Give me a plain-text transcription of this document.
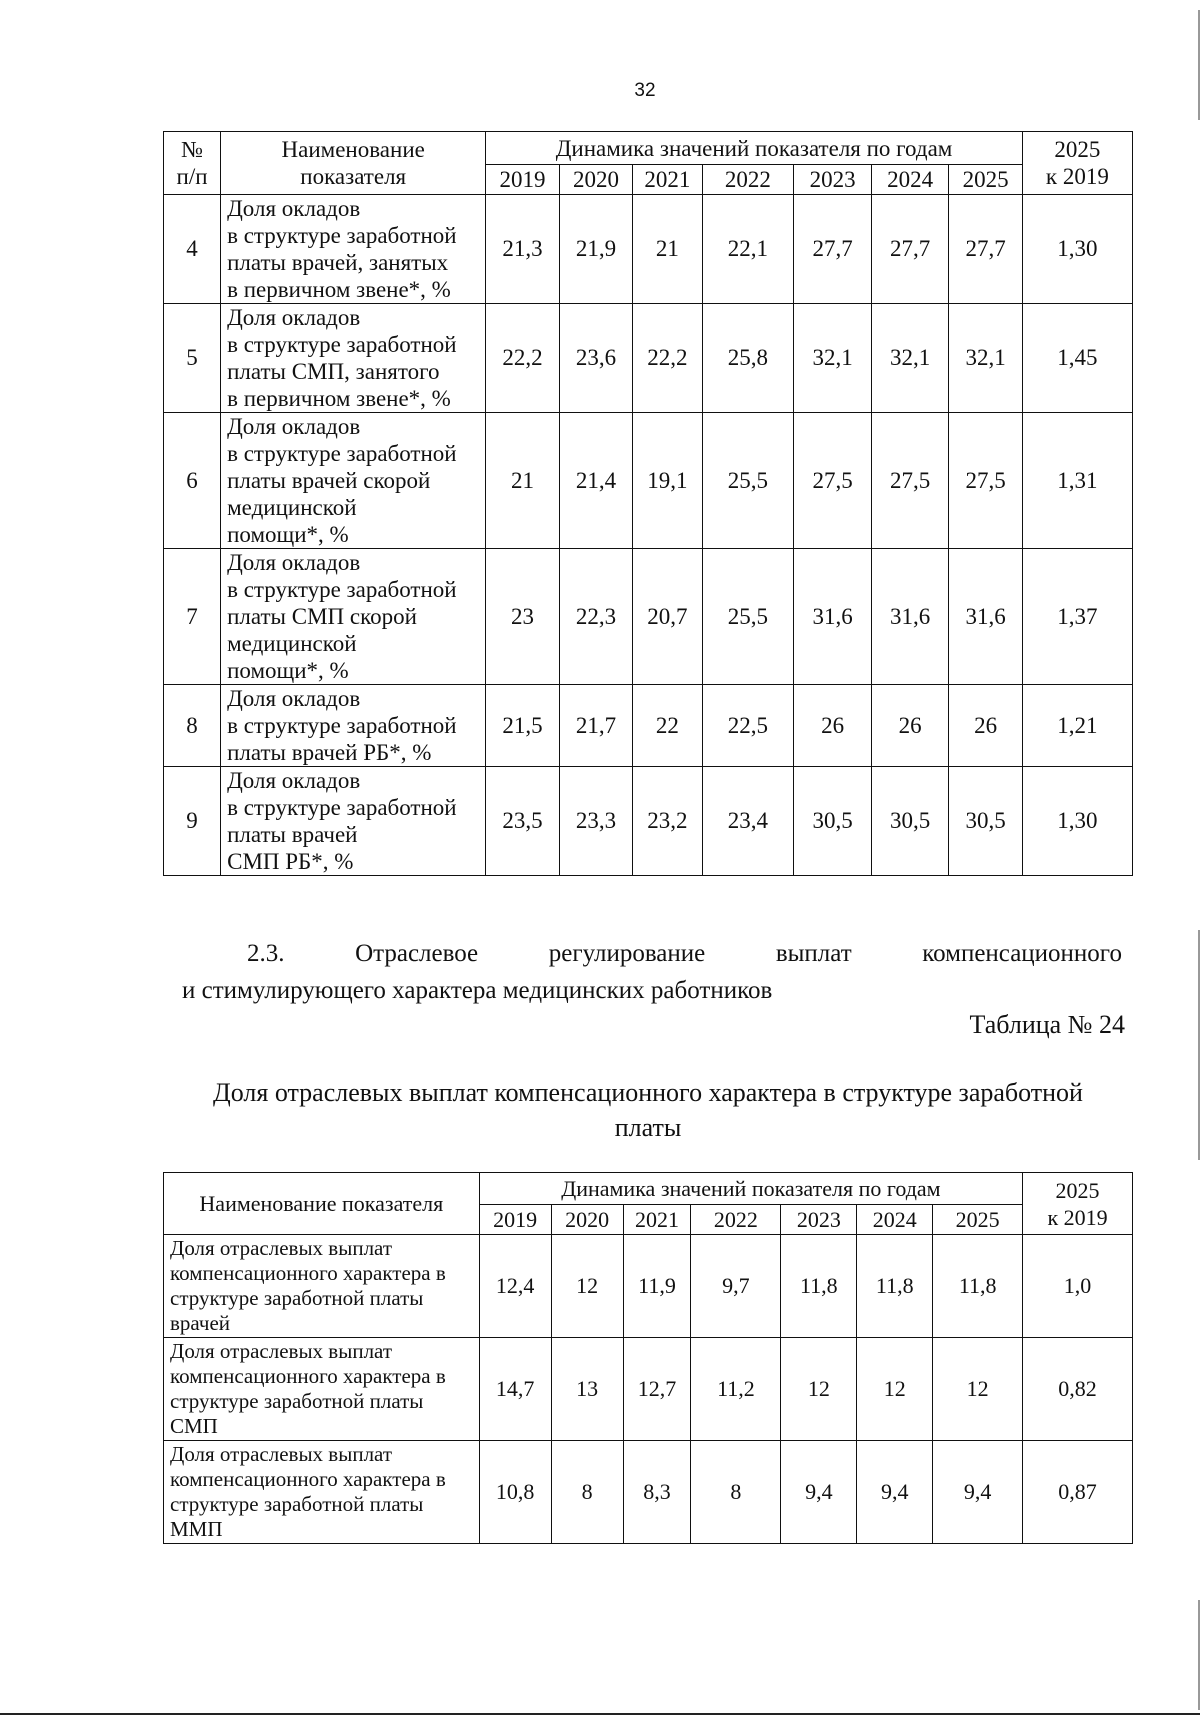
32
№
п/п	Наименование
показателя	Динамика значений показателя по годам							2025
к 2019
		2019	2020	2021	2022	2023	2024	2025	
4	Доля окладов
в структуре заработной
платы врачей, занятых
в первичном звене*, %	21,3	21,9	21	22,1	27,7	27,7	27,7	1,30
5	Доля окладов
в структуре заработной
платы СМП, занятого
в первичном звене*, %	22,2	23,6	22,2	25,8	32,1	32,1	32,1	1,45
6	Доля окладов
в структуре заработной
платы врачей скорой
медицинской
помощи*, %	21	21,4	19,1	25,5	27,5	27,5	27,5	1,31
7	Доля окладов
в структуре заработной
платы СМП скорой
медицинской
помощи*, %	23	22,3	20,7	25,5	31,6	31,6	31,6	1,37
8	Доля окладов
в структуре заработной
платы врачей РБ*, %	21,5	21,7	22	22,5	26	26	26	1,21
9	Доля окладов
в структуре заработной
платы врачей
СМП РБ*, %	23,5	23,3	23,2	23,4	30,5	30,5	30,5	1,30
2.3.	Отраслевое	регулирование	выплат	компенсационного
и стимулирующего характера медицинских работников
Таблица № 24
Доля отраслевых выплат компенсационного характера в структуре заработной
платы
Наименование показателя	Динамика значений показателя по годам							2025
к 2019
	2019	2020	2021	2022	2023	2024	2025	
Доля отраслевых выплат
компенсационного характера в
структуре заработной платы
врачей	12,4	12	11,9	9,7	11,8	11,8	11,8	1,0
Доля отраслевых выплат
компенсационного характера в
структуре заработной платы
СМП	14,7	13	12,7	11,2	12	12	12	0,82
Доля отраслевых выплат
компенсационного характера в
структуре заработной платы
ММП	10,8	8	8,3	8	9,4	9,4	9,4	0,87
